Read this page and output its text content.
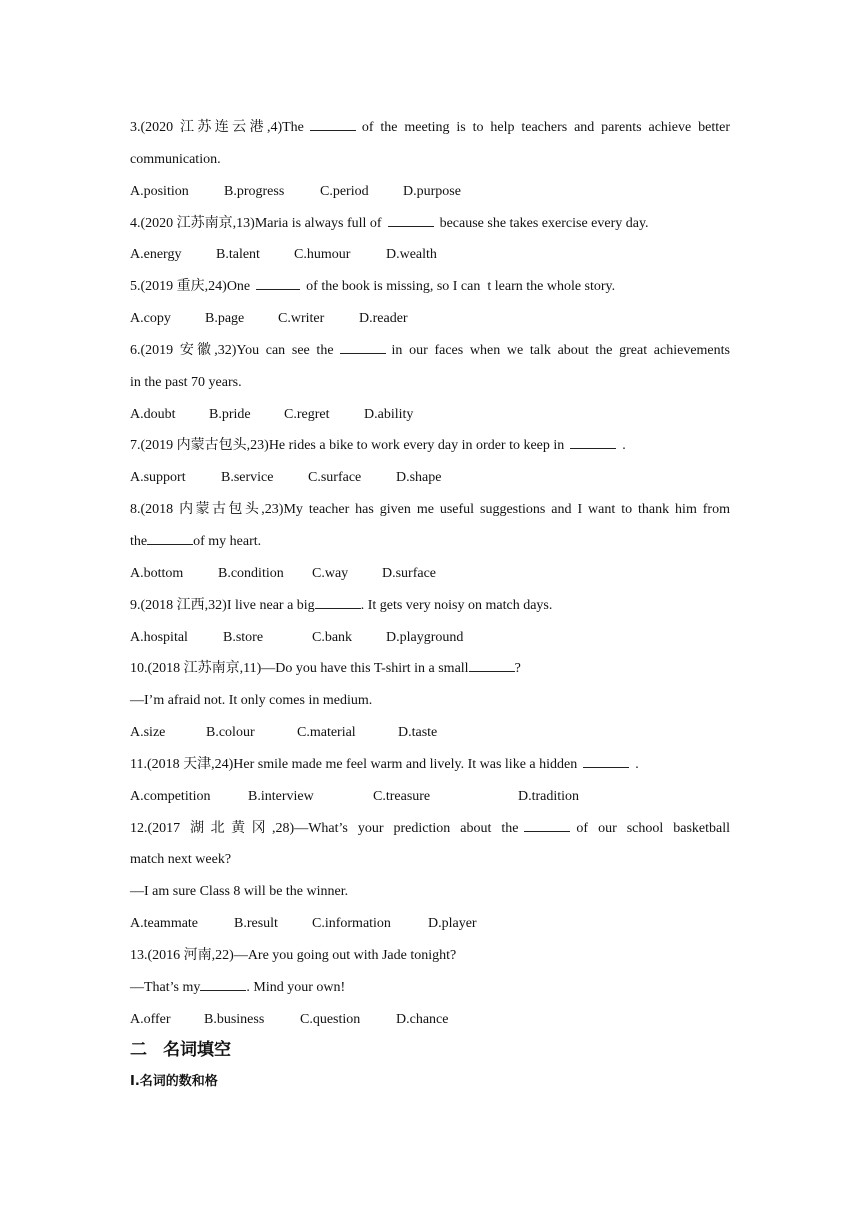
3.(2020 江苏连云港,4)The	of the meeting is to help teachers and parents achieve better
communication.
A.position	B.progress	C.period	D.purpose
4.(2020 江苏南京,13)Maria is always full of	because she takes exercise every day.
A.energy	B.talent	C.humour	D.wealth
5.(2019 重庆,24)One	of the book is missing, so I can  t learn the whole story.
A.copy	B.page	C.writer	D.reader
6.(2019 安徽,32)You can see the	in our faces when we talk about the great achievements
in the past 70 years.
A.doubt	B.pride	C.regret	D.ability
7.(2019 内蒙古包头,23)He rides a bike to work every day in order to keep in	.
A.support	B.service	C.surface	D.shape
8.(2018 内蒙古包头,23)My teacher has given me useful suggestions and I want to thank him from
the	of my heart.
A.bottom	B.condition	C.way	D.surface
9.(2018 江西,32)I live near a big	. It gets very noisy on match days.
A.hospital	B.store	C.bank	D.playground
10.(2018 江苏南京,11)—Do you have this T-shirt in a small	?
—I’m afraid not. It only comes in medium.
A.size	B.colour	C.material	D.taste
11.(2018 天津,24)Her smile made me feel warm and lively. It was like a hidden	.
A.competition	B.interview	C.treasure	D.tradition
12.(2017 湖北黄冈,28)—What’s your prediction about the	of our school basketball
match next week?
—I am sure Class 8 will be the winner.
A.teammate	B.result	C.information	D.player
13.(2016 河南,22)—Are you going out with Jade tonight?
—That’s my	. Mind your own!
A.offer	B.business	C.question	D.chance
二 名词填空
I.名词的数和格
